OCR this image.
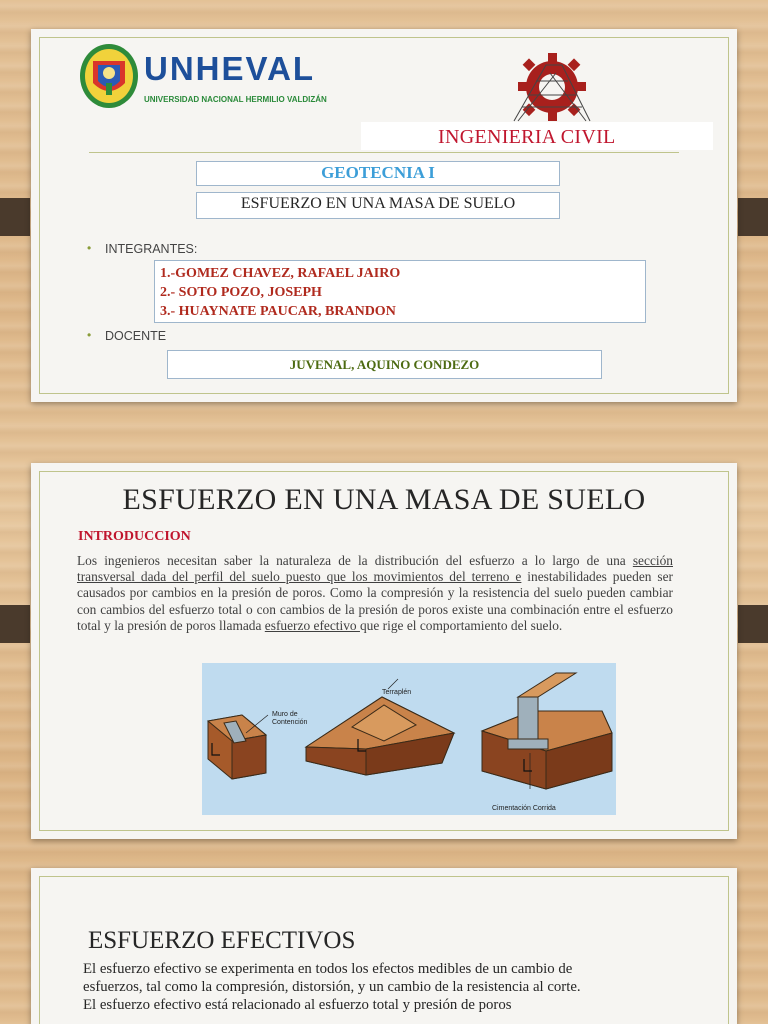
UNHEVAL
UNIVERSIDAD NACIONAL HERMILIO VALDIZÁN
INGENIERIA CIVIL
GEOTECNIA I
ESFUERZO EN UNA MASA DE SUELO
• INTEGRANTES:
1.-GOMEZ CHAVEZ, RAFAEL JAIRO
2.- SOTO POZO, JOSEPH
3.- HUAYNATE PAUCAR, BRANDON
• DOCENTE
JUVENAL, AQUINO CONDEZO
ESFUERZO EN UNA MASA DE SUELO
INTRODUCCION
Los ingenieros necesitan saber la naturaleza de la distribución del esfuerzo a lo largo de una sección transversal dada del perfil del suelo puesto que los movimientos del terreno e inestabilidades pueden ser causados por cambios en la presión de poros. Como la compresión y la resistencia del suelo pueden cambiar con cambios del esfuerzo total o con cambios de la presión de poros existe una combinación entre el esfuerzo total y la presión de poros llamada esfuerzo efectivo que rige el comportamiento del suelo.
Muro de Contención
Terraplén
Cimentación Corrida
ESFUERZO EFECTIVOS
El esfuerzo efectivo se experimenta en todos los efectos medibles de un cambio de
esfuerzos, tal como la compresión, distorsión, y un cambio de la resistencia al corte.
El esfuerzo efectivo está relacionado al esfuerzo total y presión de poros
